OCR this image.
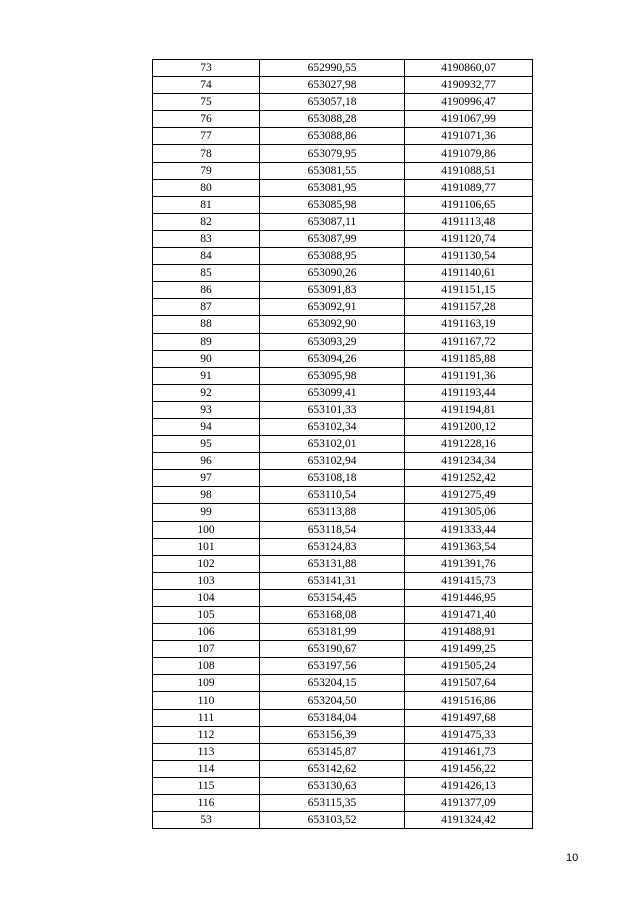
73	652990,55	4190860,07
74	653027,98	4190932,77
75	653057,18	4190996,47
76	653088,28	4191067,99
77	653088,86	4191071,36
78	653079,95	4191079,86
79	653081,55	4191088,51
80	653081,95	4191089,77
81	653085,98	4191106,65
82	653087,11	4191113,48
83	653087,99	4191120,74
84	653088,95	4191130,54
85	653090,26	4191140,61
86	653091,83	4191151,15
87	653092,91	4191157,28
88	653092,90	4191163,19
89	653093,29	4191167,72
90	653094,26	4191185,88
91	653095,98	4191191,36
92	653099,41	4191193,44
93	653101,33	4191194,81
94	653102,34	4191200,12
95	653102,01	4191228,16
96	653102,94	4191234,34
97	653108,18	4191252,42
98	653110,54	4191275,49
99	653113,88	4191305,06
100	653118,54	4191333,44
101	653124,83	4191363,54
102	653131,88	4191391,76
103	653141,31	4191415,73
104	653154,45	4191446,95
105	653168,08	4191471,40
106	653181,99	4191488,91
107	653190,67	4191499,25
108	653197,56	4191505,24
109	653204,15	4191507,64
110	653204,50	4191516,86
111	653184,04	4191497,68
112	653156,39	4191475,33
113	653145,87	4191461,73
114	653142,62	4191456,22
115	653130,63	4191426,13
116	653115,35	4191377,09
53	653103,52	4191324,42
10
